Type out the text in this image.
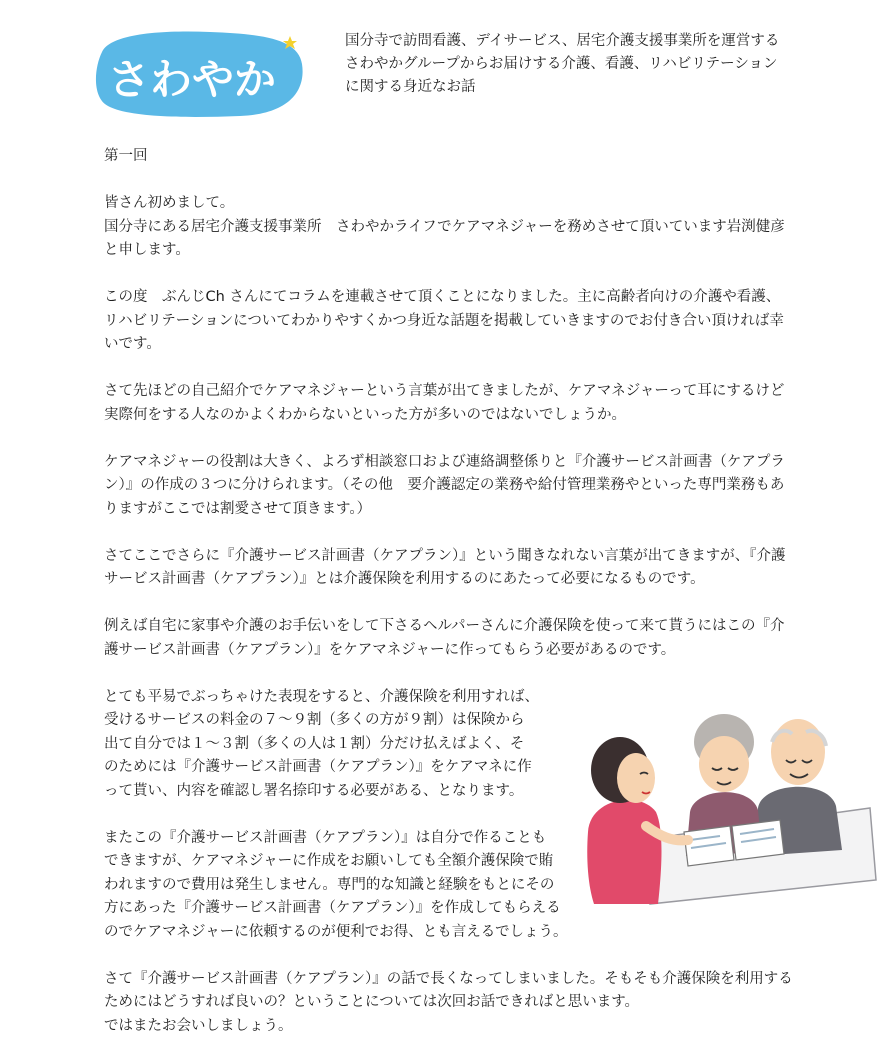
さわやか
国分寺で訪問看護、デイサービス、居宅介護支援事業所を運営する
さわやかグループからお届けする介護、看護、リハビリテーション
に関する身近なお話

第一回

皆さん初めまして。

国分寺にある居宅介護支援事業所　さわやかライフでケアマネジャーを務めさせて頂いています岩渕健彦

と申します。

この度　ぶんじCh さんにてコラムを連載させて頂くことになりました。主に高齢者向けの介護や看護、

リハビリテーションについてわかりやすくかつ身近な話題を掲載していきますのでお付き合い頂ければ幸

いです。

さて先ほどの自己紹介でケアマネジャーという言葉が出てきましたが、ケアマネジャーって耳にするけど

実際何をする人なのかよくわからないといった方が多いのではないでしょうか。

ケアマネジャーの役割は大きく、よろず相談窓口および連絡調整係りと『介護サービス計画書（ケアプラ

ン）』の作成の３つに分けられます。（その他　要介護認定の業務や給付管理業務やといった専門業務もあ

りますがここでは割愛させて頂きます。）

さてここでさらに『介護サービス計画書（ケアプラン）』という聞きなれない言葉が出てきますが、『介護

サービス計画書（ケアプラン）』とは介護保険を利用するのにあたって必要になるものです。

例えば自宅に家事や介護のお手伝いをして下さるヘルパーさんに介護保険を使って来て貰うにはこの『介

護サービス計画書（ケアプラン）』をケアマネジャーに作ってもらう必要があるのです。

とても平易でぶっちゃけた表現をすると、介護保険を利用すれば、

受けるサービスの料金の７〜９割（多くの方が９割）は保険から

出て自分では１〜３割（多くの人は１割）分だけ払えばよく、そ

のためには『介護サービス計画書（ケアプラン）』をケアマネに作

って貰い、内容を確認し署名捺印する必要がある、となります。

またこの『介護サービス計画書（ケアプラン）』は自分で作ることも

できますが、ケアマネジャーに作成をお願いしても全額介護保険で賄

われますので費用は発生しません。専門的な知識と経験をもとにその

方にあった『介護サービス計画書（ケアプラン）』を作成してもらえる

のでケアマネジャーに依頼するのが便利でお得、とも言えるでしょう。

さて『介護サービス計画書（ケアプラン）』の話で長くなってしまいました。そもそも介護保険を利用する

ためにはどうすれば良いの？ということについては次回お話できればと思います。

ではまたお会いしましょう。
